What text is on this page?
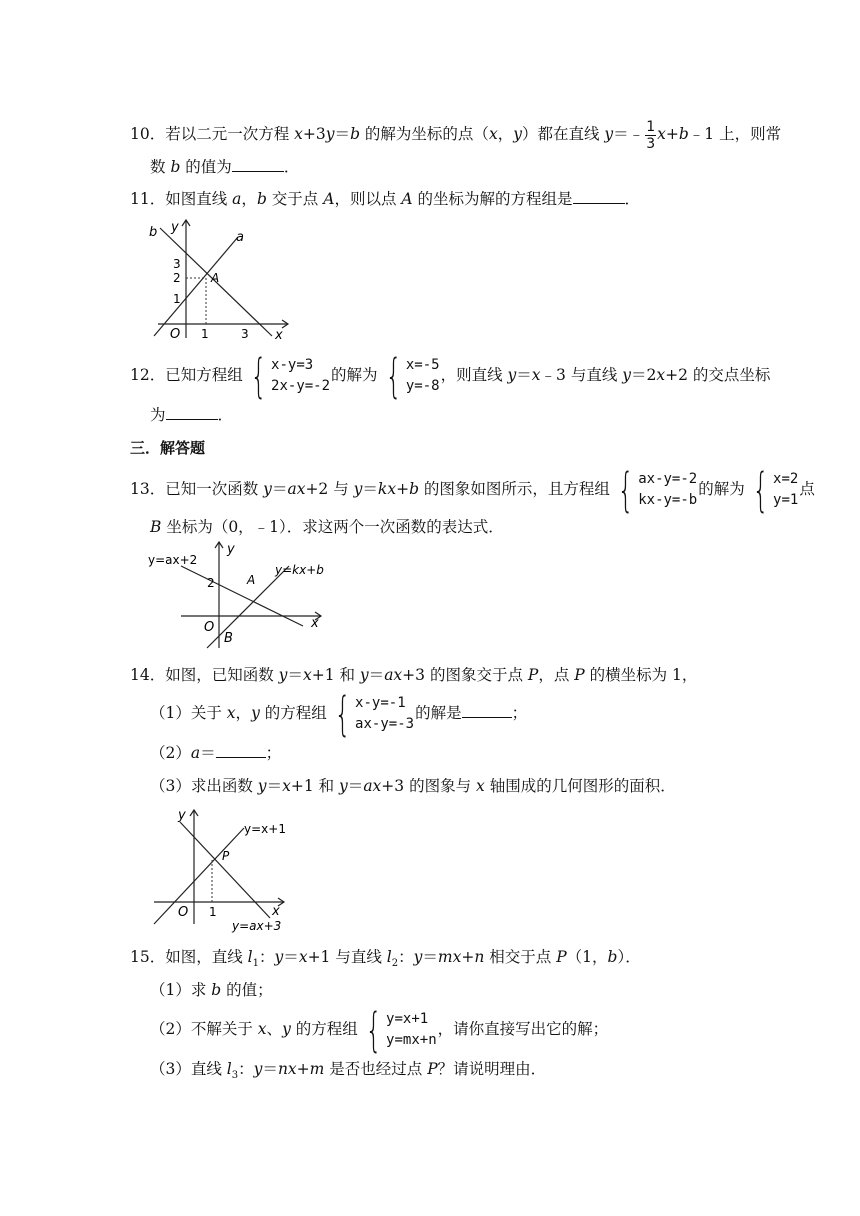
10．若以二元一次方程 x+3y＝b 的解为坐标的点（x，y）都在直线 y＝﹣ $\frac{1}{3}$ x+b﹣1 上，则常
数 b 的值为	．
11．如图直线 a，b 交于点 A，则以点 A 的坐标为解的方程组是	．
b y
a
3
2
1
A
O 1	3 x
12．已知方程组 { x-y=3
2x-y=-2
的解为 { x=-5
y=-8
，则直线 y＝x﹣3 与直线 y＝2x+2 的交点坐标
为	．
三．解答题
13．已知一次函数 y＝ax+2 与 y＝kx+b 的图象如图所示，且方程组 { ax-y=-2
kx-y=-b
的解为 { x=2
y=1
点
B 坐标为（0，﹣1）．求这两个一次函数的表达式．
y=ax+2
y
2	A
y=kx+b
O
B
x
14．如图，已知函数 y＝x+1 和 y＝ax+3 的图象交于点 P，点 P 的横坐标为 1，
（1）关于 x，y 的方程组 { x-y=-1
ax-y=-3
的解是	；
（2）a＝	；
（3）求出函数 y＝x+1 和 y＝ax+3 的图象与 x 轴围成的几何图形的面积．
y
y=x+1
P
O 1	x
y=ax+3
15．如图，直线 $l_1$：y＝x+1 与直线 $l_2$：y＝mx+n 相交于点 P（1，b）．
（1）求 b 的值；
（2）不解关于 x、y 的方程组 { y=x+1
y=mx+n
，请你直接写出它的解；
（3）直线 $l_3$：y＝nx+m 是否也经过点 P？请说明理由．
